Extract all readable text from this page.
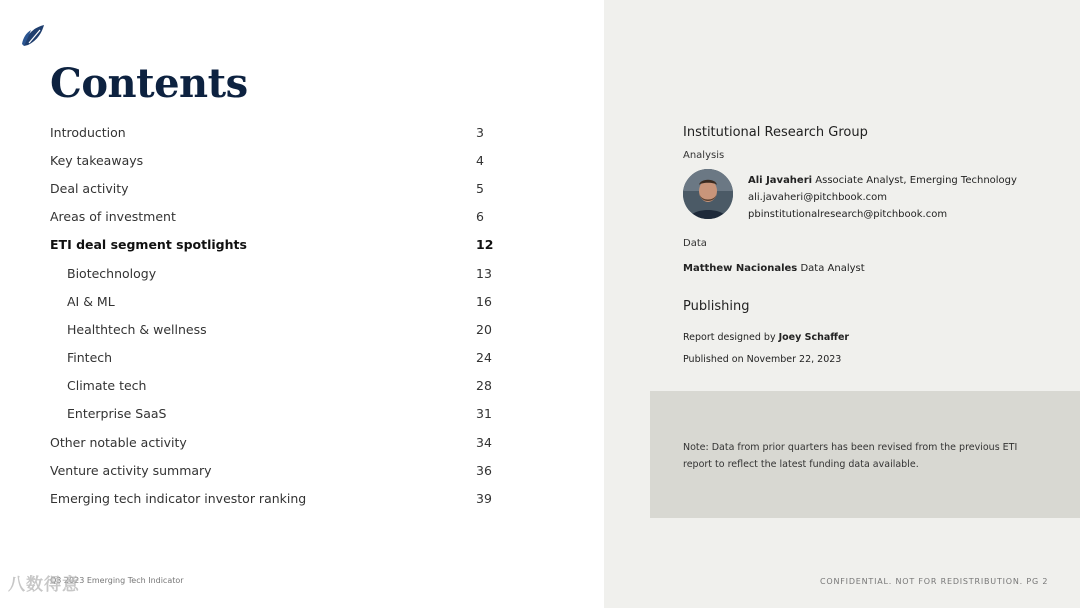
Contents
Introduction	3
Key takeaways	4
Deal activity	5
Areas of investment	6
ETI deal segment spotlights	12
Biotechnology	13
AI & ML	16
Healthtech & wellness	20
Fintech	24
Climate tech	28
Enterprise SaaS	31
Other notable activity	34
Venture activity summary	36
Emerging tech indicator investor ranking	39
Institutional Research Group
Analysis
Ali Javaheri Associate Analyst, Emerging Technology
ali.javaheri@pitchbook.com
pbinstitutionalresearch@pitchbook.com
Data
Matthew Nacionales Data Analyst
Publishing
Report designed by Joey Schaffer
Published on November 22, 2023
Note: Data from prior quarters has been revised from the previous ETI report to reflect the latest funding data available.
Q3 2023 Emerging Tech Indicator
八数得意	CONFIDENTIAL. NOT FOR REDISTRIBUTION. PG 2
